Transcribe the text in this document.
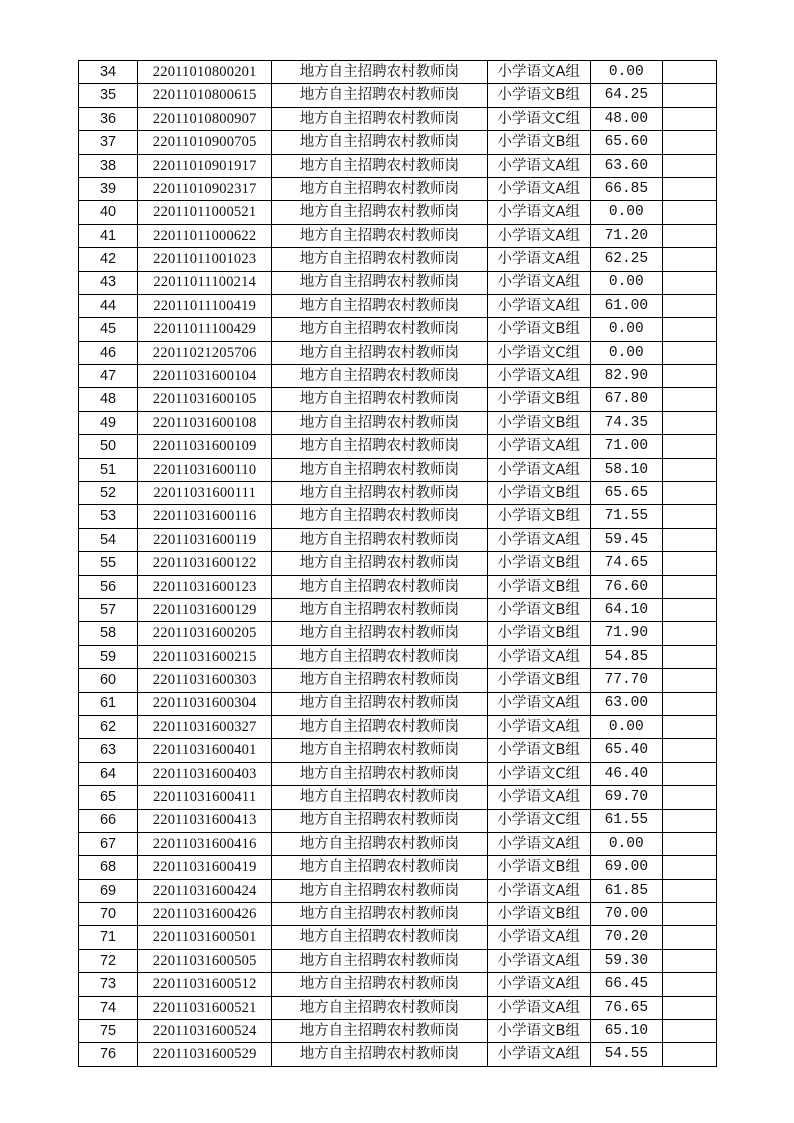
34	22011010800201	地方自主招聘农村教师岗	小学语文A组	0.00	
35	22011010800615	地方自主招聘农村教师岗	小学语文B组	64.25	
36	22011010800907	地方自主招聘农村教师岗	小学语文C组	48.00	
37	22011010900705	地方自主招聘农村教师岗	小学语文B组	65.60	
38	22011010901917	地方自主招聘农村教师岗	小学语文A组	63.60	
39	22011010902317	地方自主招聘农村教师岗	小学语文A组	66.85	
40	22011011000521	地方自主招聘农村教师岗	小学语文A组	0.00	
41	22011011000622	地方自主招聘农村教师岗	小学语文A组	71.20	
42	22011011001023	地方自主招聘农村教师岗	小学语文A组	62.25	
43	22011011100214	地方自主招聘农村教师岗	小学语文A组	0.00	
44	22011011100419	地方自主招聘农村教师岗	小学语文A组	61.00	
45	22011011100429	地方自主招聘农村教师岗	小学语文B组	0.00	
46	22011021205706	地方自主招聘农村教师岗	小学语文C组	0.00	
47	22011031600104	地方自主招聘农村教师岗	小学语文A组	82.90	
48	22011031600105	地方自主招聘农村教师岗	小学语文B组	67.80	
49	22011031600108	地方自主招聘农村教师岗	小学语文B组	74.35	
50	22011031600109	地方自主招聘农村教师岗	小学语文A组	71.00	
51	22011031600110	地方自主招聘农村教师岗	小学语文A组	58.10	
52	22011031600111	地方自主招聘农村教师岗	小学语文B组	65.65	
53	22011031600116	地方自主招聘农村教师岗	小学语文B组	71.55	
54	22011031600119	地方自主招聘农村教师岗	小学语文A组	59.45	
55	22011031600122	地方自主招聘农村教师岗	小学语文B组	74.65	
56	22011031600123	地方自主招聘农村教师岗	小学语文B组	76.60	
57	22011031600129	地方自主招聘农村教师岗	小学语文B组	64.10	
58	22011031600205	地方自主招聘农村教师岗	小学语文B组	71.90	
59	22011031600215	地方自主招聘农村教师岗	小学语文A组	54.85	
60	22011031600303	地方自主招聘农村教师岗	小学语文B组	77.70	
61	22011031600304	地方自主招聘农村教师岗	小学语文A组	63.00	
62	22011031600327	地方自主招聘农村教师岗	小学语文A组	0.00	
63	22011031600401	地方自主招聘农村教师岗	小学语文B组	65.40	
64	22011031600403	地方自主招聘农村教师岗	小学语文C组	46.40	
65	22011031600411	地方自主招聘农村教师岗	小学语文A组	69.70	
66	22011031600413	地方自主招聘农村教师岗	小学语文C组	61.55	
67	22011031600416	地方自主招聘农村教师岗	小学语文A组	0.00	
68	22011031600419	地方自主招聘农村教师岗	小学语文B组	69.00	
69	22011031600424	地方自主招聘农村教师岗	小学语文A组	61.85	
70	22011031600426	地方自主招聘农村教师岗	小学语文B组	70.00	
71	22011031600501	地方自主招聘农村教师岗	小学语文A组	70.20	
72	22011031600505	地方自主招聘农村教师岗	小学语文A组	59.30	
73	22011031600512	地方自主招聘农村教师岗	小学语文A组	66.45	
74	22011031600521	地方自主招聘农村教师岗	小学语文A组	76.65	
75	22011031600524	地方自主招聘农村教师岗	小学语文B组	65.10	
76	22011031600529	地方自主招聘农村教师岗	小学语文A组	54.55	
